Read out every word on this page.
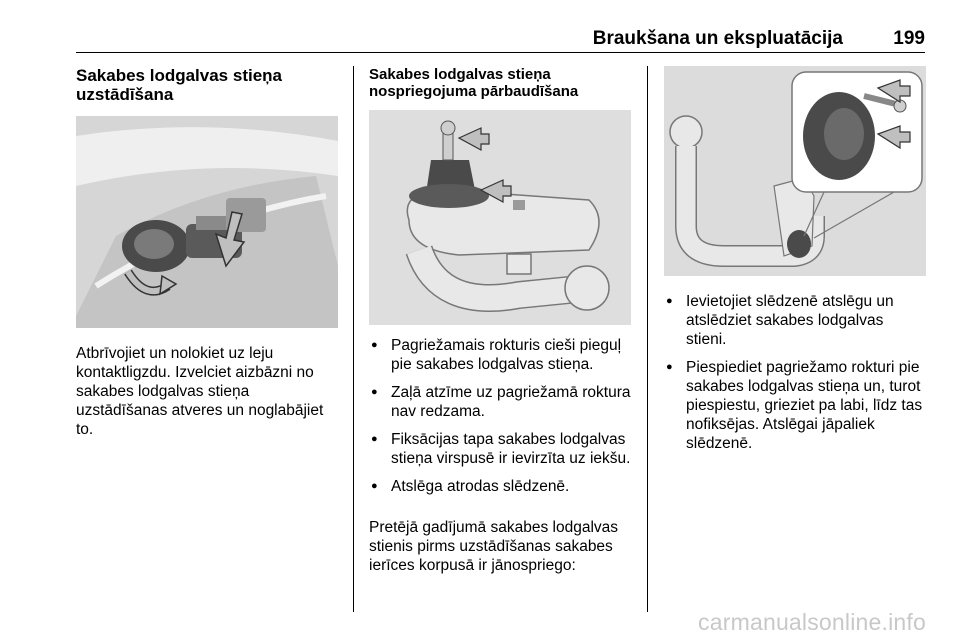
Braukšana un ekspluatācija	199
Sakabes lodgalvas stieņa uzstādīšana

Atbrīvojiet un nolokiet uz leju kontaktligzdu. Izvelciet aizbāzni no sakabes lodgalvas stieņa uzstādīšanas atveres un noglabājiet to.

Sakabes lodgalvas stieņa nospriegojuma pārbaudīšana
● Pagriežamais rokturis cieši pieguļ pie sakabes lodgalvas stieņa.
● Zaļā atzīme uz pagriežamā roktura nav redzama.
● Fiksācijas tapa sakabes lodgalvas stieņa virspusē ir ievirzīta uz iekšu.
● Atslēga atrodas slēdzenē.

Pretējā gadījumā sakabes lodgalvas stienis pirms uzstādīšanas sakabes ierīces korpusā ir jānospriego:

● Ievietojiet slēdzenē atslēgu un atslēdziet sakabes lodgalvas stieni.
● Piespiediet pagriežamo rokturi pie sakabes lodgalvas stieņa un, turot piespiestu, grieziet pa labi, līdz tas nofiksējas. Atslēgai jāpaliek slēdzenē.
carmanualsonline.info
